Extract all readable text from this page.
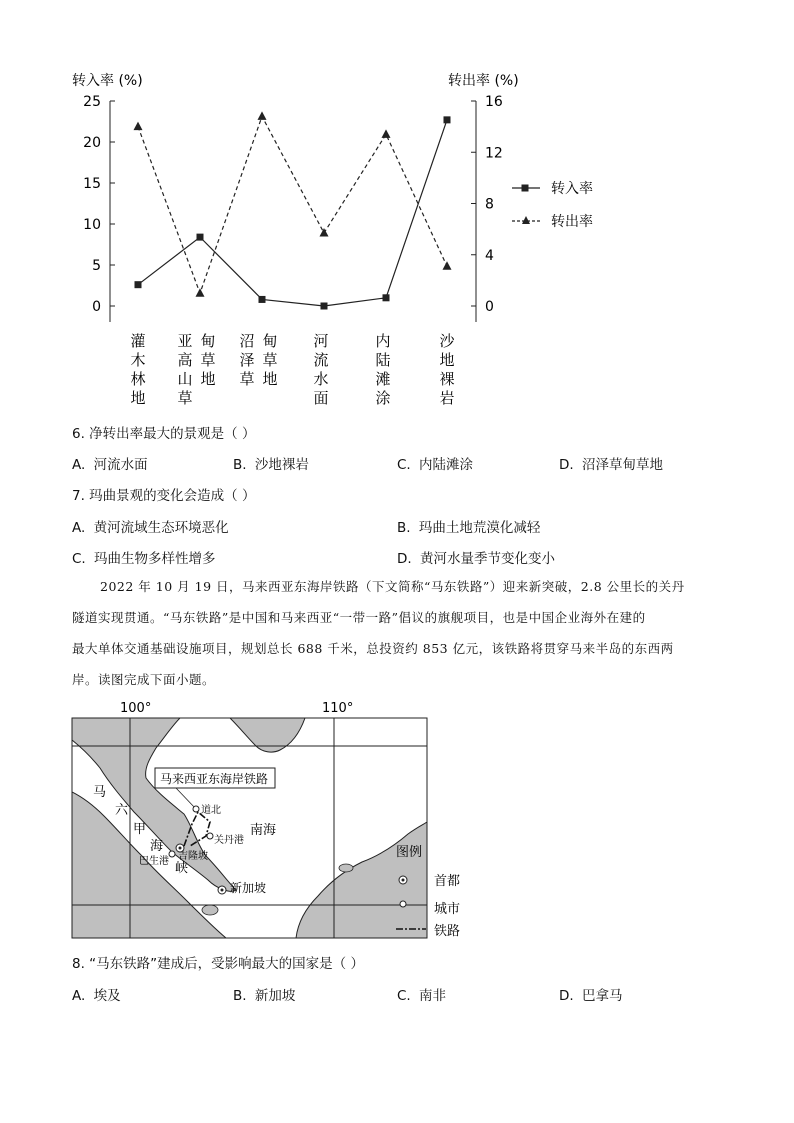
转入率 (%)	转出率 (%)
0
5
10
15
20
25
0
4
8
12
16
灌
木
林
地
亚
高
山
草
甸
草
地
沼
泽
草
甸
草
地
河
流
水
面
内
陆
滩
涂
沙
地
裸
岩
转入率
转出率
6. 净转出率最大的景观是（ ）
A. 河流水面	B. 沙地裸岩	C. 内陆滩涂	D. 沼泽草甸草地
7. 玛曲景观的变化会造成（ ）
A. 黄河流域生态环境恶化	B. 玛曲土地荒漠化减轻
C. 玛曲生物多样性增多	D. 黄河水量季节变化变小
2022 年 10 月 19 日，马来西亚东海岸铁路（下文简称“马东铁路”）迎来新突破，2.8 公里长的关丹
隧道实现贯通。“马东铁路”是中国和马来西亚“一带一路”倡议的旗舰项目，也是中国企业海外在建的
最大单体交通基础设施项目，规划总长 688 千米，总投资约 853 亿元，该铁路将贯穿马来半岛的东西两
岸。读图完成下面小题。
100°	110°
马来西亚东海岸铁路
道北
关丹港
吉隆坡
巴生港
新加坡
马
六
甲
海
峡
南海
图例
首都
城市
铁路
8. “马东铁路”建成后，受影响最大的国家是（ ）
A. 埃及	B. 新加坡	C. 南非	D. 巴拿马
